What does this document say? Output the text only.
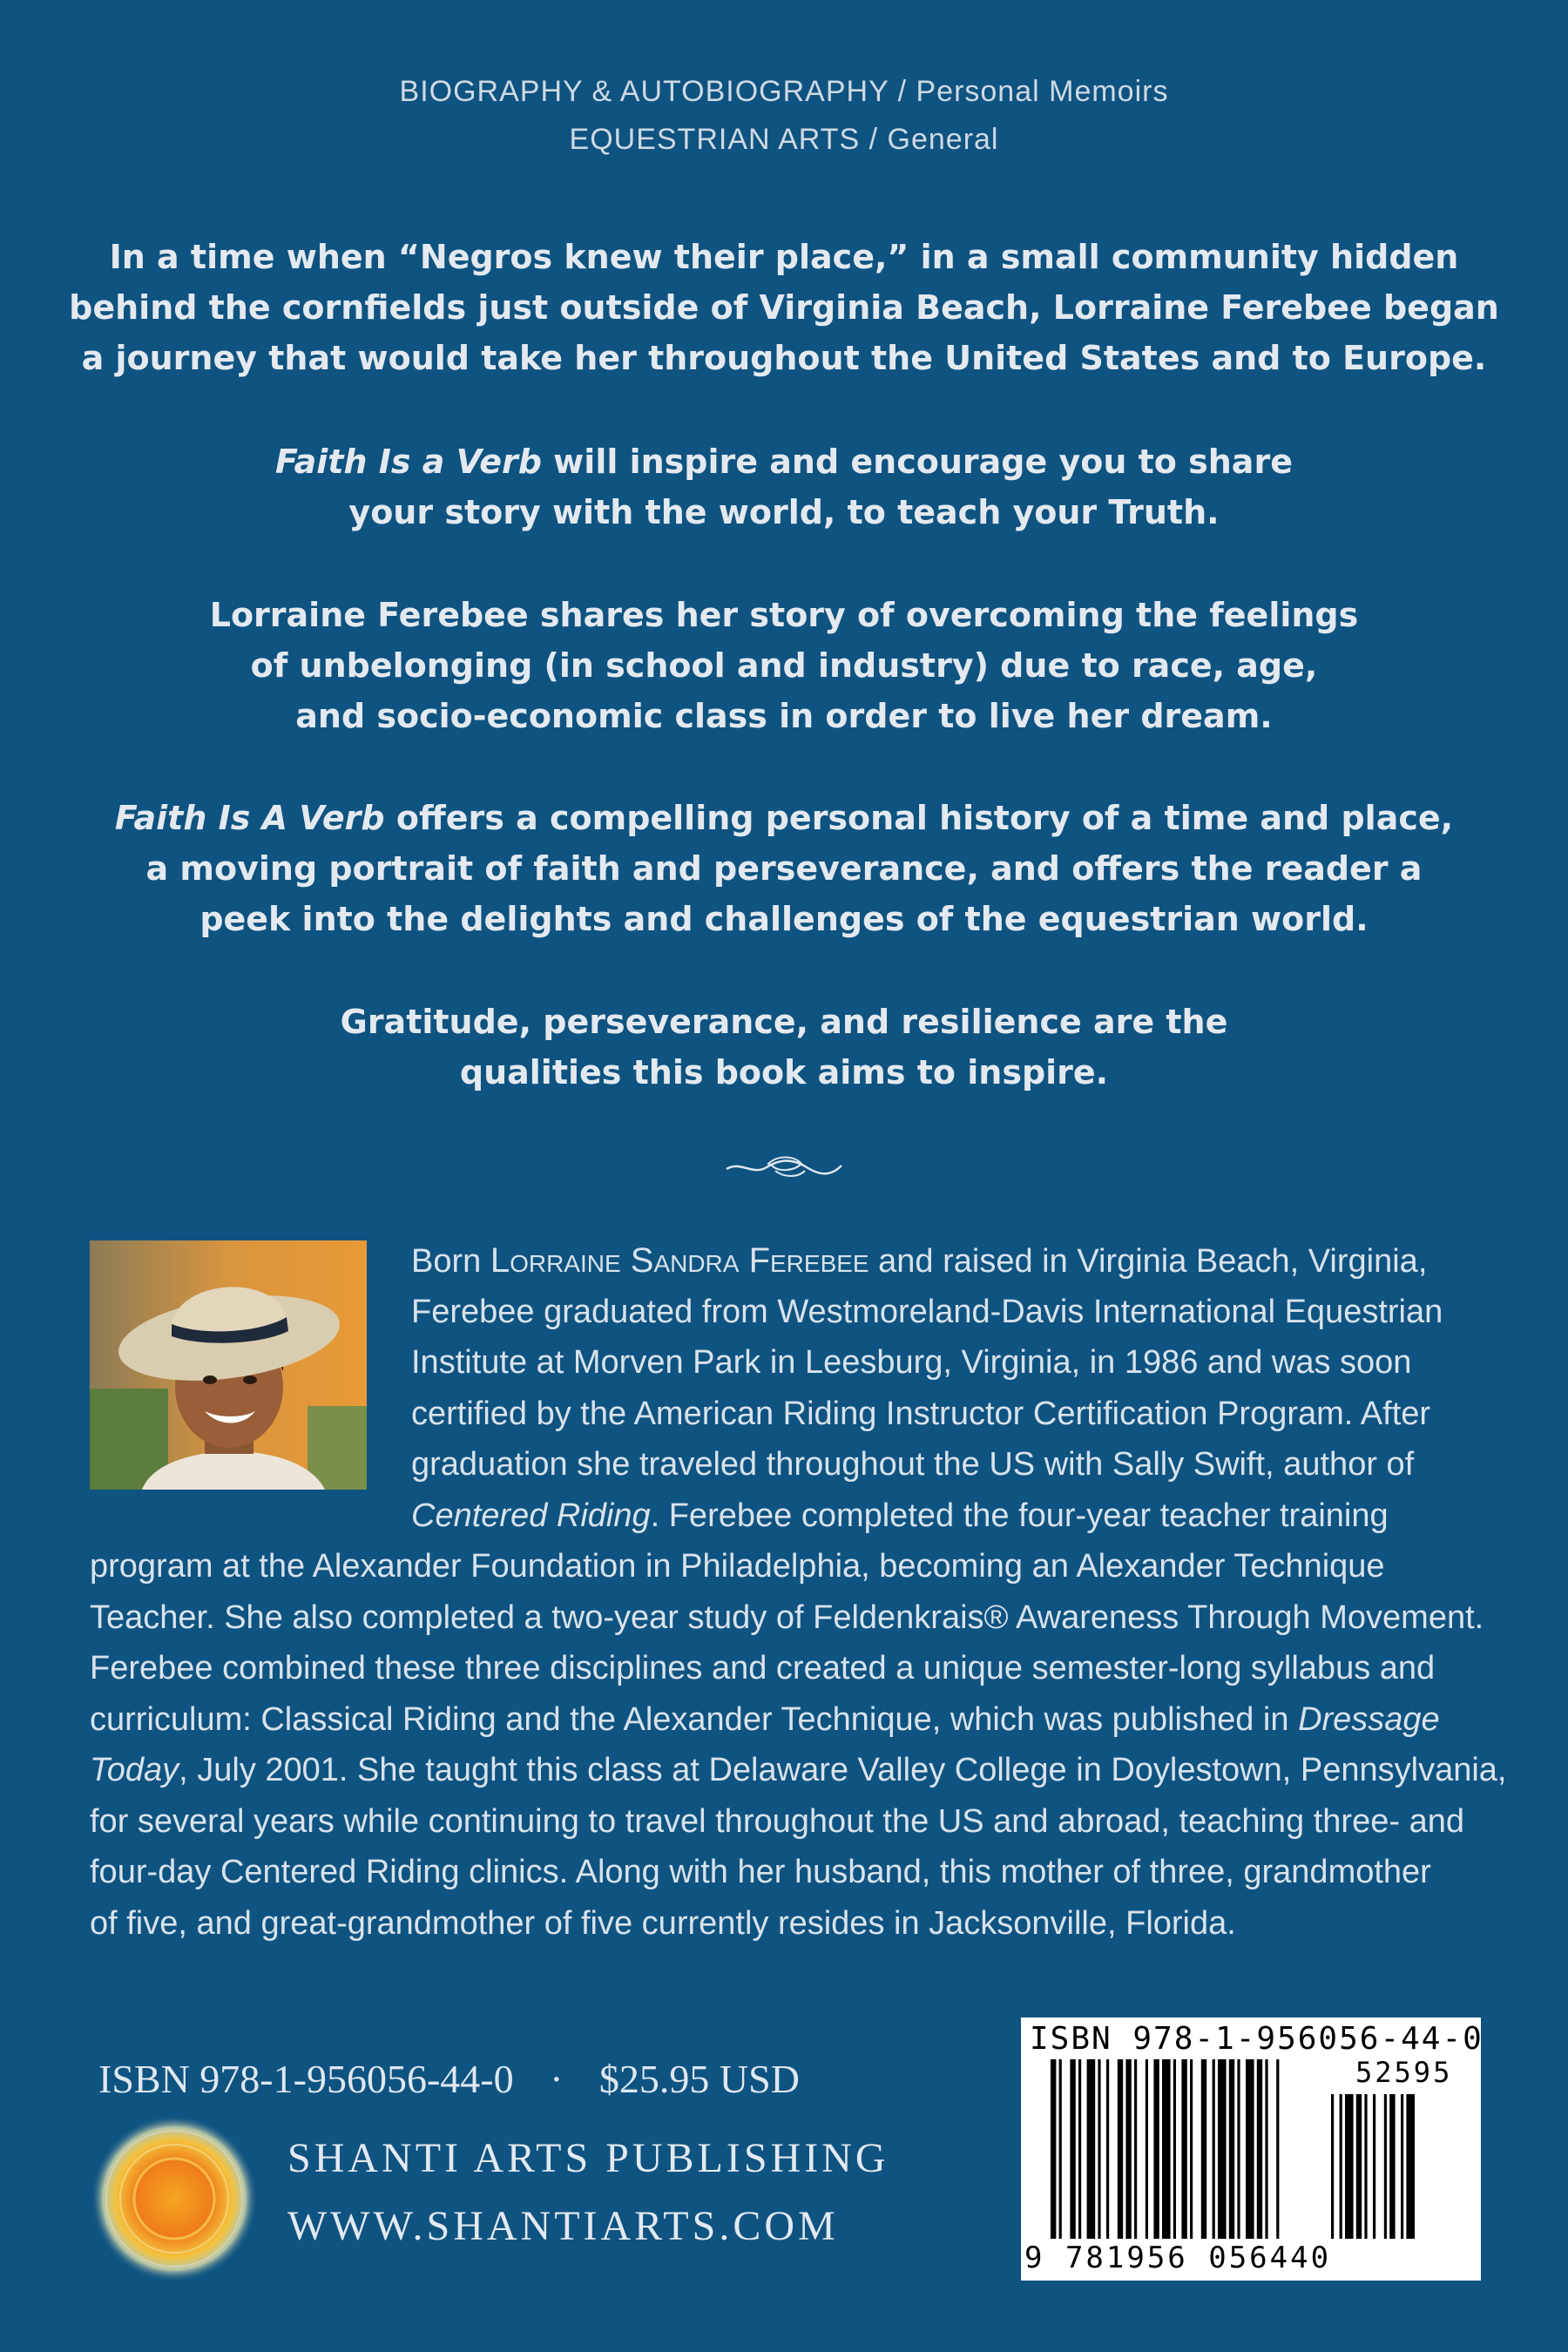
BIOGRAPHY & AUTOBIOGRAPHY / Personal Memoirs
EQUESTRIAN ARTS / General
In a time when “Negros knew their place,” in a small community hidden
behind the cornfields just outside of Virginia Beach, Lorraine Ferebee began
a journey that would take her throughout the United States and to Europe.
Faith Is a Verb will inspire and encourage you to share
your story with the world, to teach your Truth.
Lorraine Ferebee shares her story of overcoming the feelings
of unbelonging (in school and industry) due to race, age,
and socio-economic class in order to live her dream.
Faith Is A Verb offers a compelling personal history of a time and place,
a moving portrait of faith and perseverance, and offers the reader a
peek into the delights and challenges of the equestrian world.
Gratitude, perseverance, and resilience are the
qualities this book aims to inspire.
Born Lorraine Sandra Ferebee and raised in Virginia Beach, Virginia,
Ferebee graduated from Westmoreland-Davis International Equestrian
Institute at Morven Park in Leesburg, Virginia, in 1986 and was soon
certified by the American Riding Instructor Certification Program. After
graduation she traveled throughout the US with Sally Swift, author of
Centered Riding. Ferebee completed the four-year teacher training
program at the Alexander Foundation in Philadelphia, becoming an Alexander Technique
Teacher. She also completed a two-year study of Feldenkrais® Awareness Through Movement.
Ferebee combined these three disciplines and created a unique semester-long syllabus and
curriculum: Classical Riding and the Alexander Technique, which was published in Dressage
Today, July 2001. She taught this class at Delaware Valley College in Doylestown, Pennsylvania,
for several years while continuing to travel throughout the US and abroad, teaching three- and
four-day Centered Riding clinics. Along with her husband, this mother of three, grandmother
of five, and great-grandmother of five currently resides in Jacksonville, Florida.
ISBN 978-1-956056-44-0 · $25.95 USD
SHANTI ARTS PUBLISHING
WWW.SHANTIARTS.COM
ISBN 978-1-956056-44-0
52595
9 781956 056440
